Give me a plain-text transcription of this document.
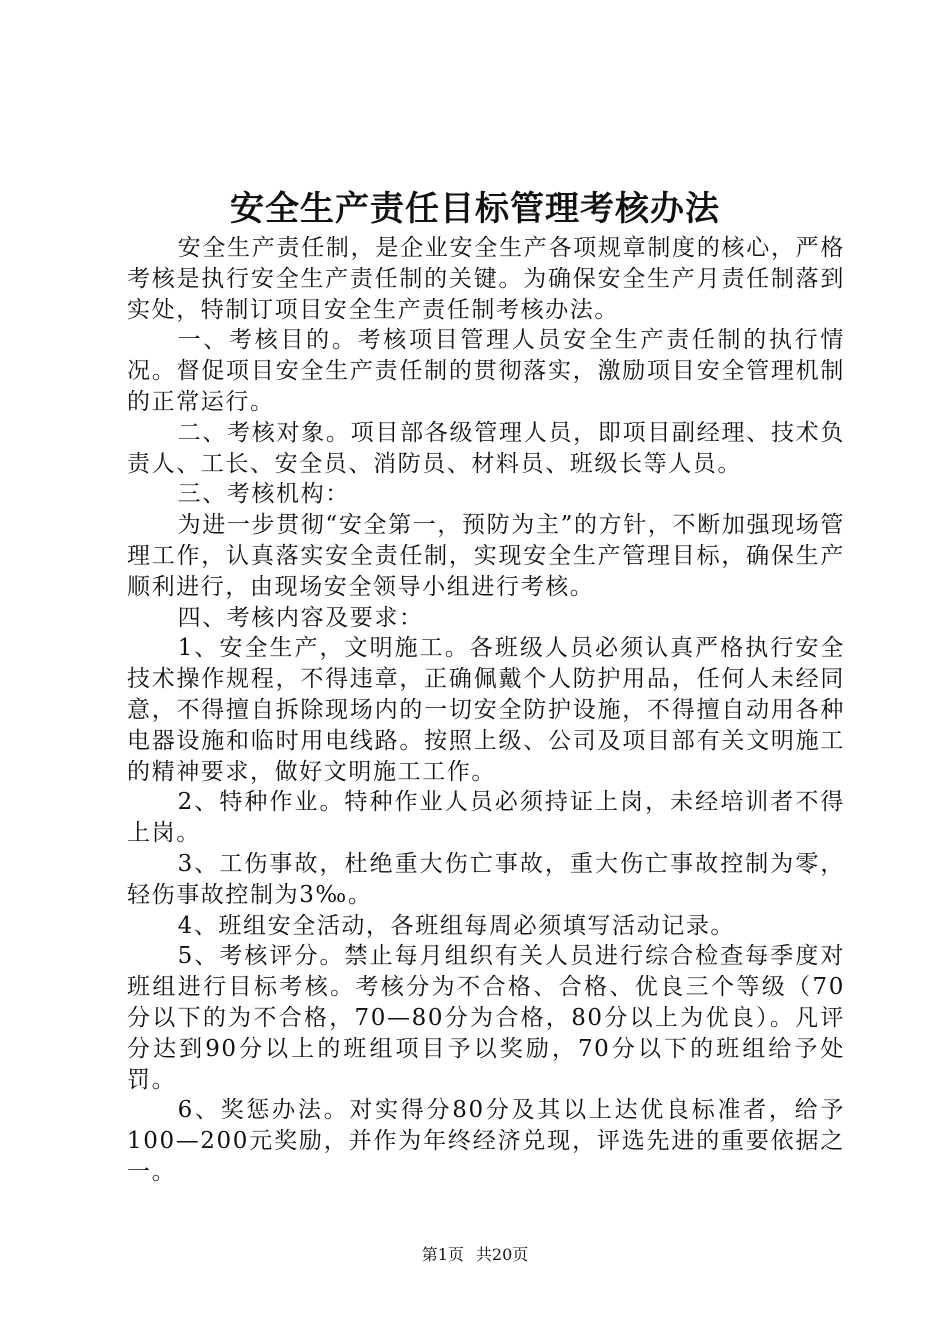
安全生产责任目标管理考核办法

安全生产责任制，是企业安全生产各项规章制度的核心，严格考核是执行安全生产责任制的关键。为确保安全生产月责任制落到实处，特制订项目安全生产责任制考核办法。

一、考核目的。考核项目管理人员安全生产责任制的执行情况。督促项目安全生产责任制的贯彻落实，激励项目安全管理机制的正常运行。

二、考核对象。项目部各级管理人员，即项目副经理、技术负责人、工长、安全员、消防员、材料员、班级长等人员。

三、考核机构：

为进一步贯彻“安全第一，预防为主”的方针，不断加强现场管理工作，认真落实安全责任制，实现安全生产管理目标，确保生产顺利进行，由现场安全领导小组进行考核。

四、考核内容及要求：

1、安全生产，文明施工。各班级人员必须认真严格执行安全技术操作规程，不得违章，正确佩戴个人防护用品，任何人未经同意，不得擅自拆除现场内的一切安全防护设施，不得擅自动用各种电器设施和临时用电线路。按照上级、公司及项目部有关文明施工的精神要求，做好文明施工工作。

2、特种作业。特种作业人员必须持证上岗，未经培训者不得上岗。

3、工伤事故，杜绝重大伤亡事故，重大伤亡事故控制为零，轻伤事故控制为3‰。

4、班组安全活动，各班组每周必须填写活动记录。

5、考核评分。禁止每月组织有关人员进行综合检查每季度对班组进行目标考核。考核分为不合格、合格、优良三个等级（70分以下的为不合格，70—80分为合格，80分以上为优良）。凡评分达到90分以上的班组项目予以奖励，70分以下的班组给予处罚。

6、奖惩办法。对实得分80分及其以上达优良标准者，给予100—200元奖励，并作为年终经济兑现，评选先进的重要依据之一。

第1页 共20页
